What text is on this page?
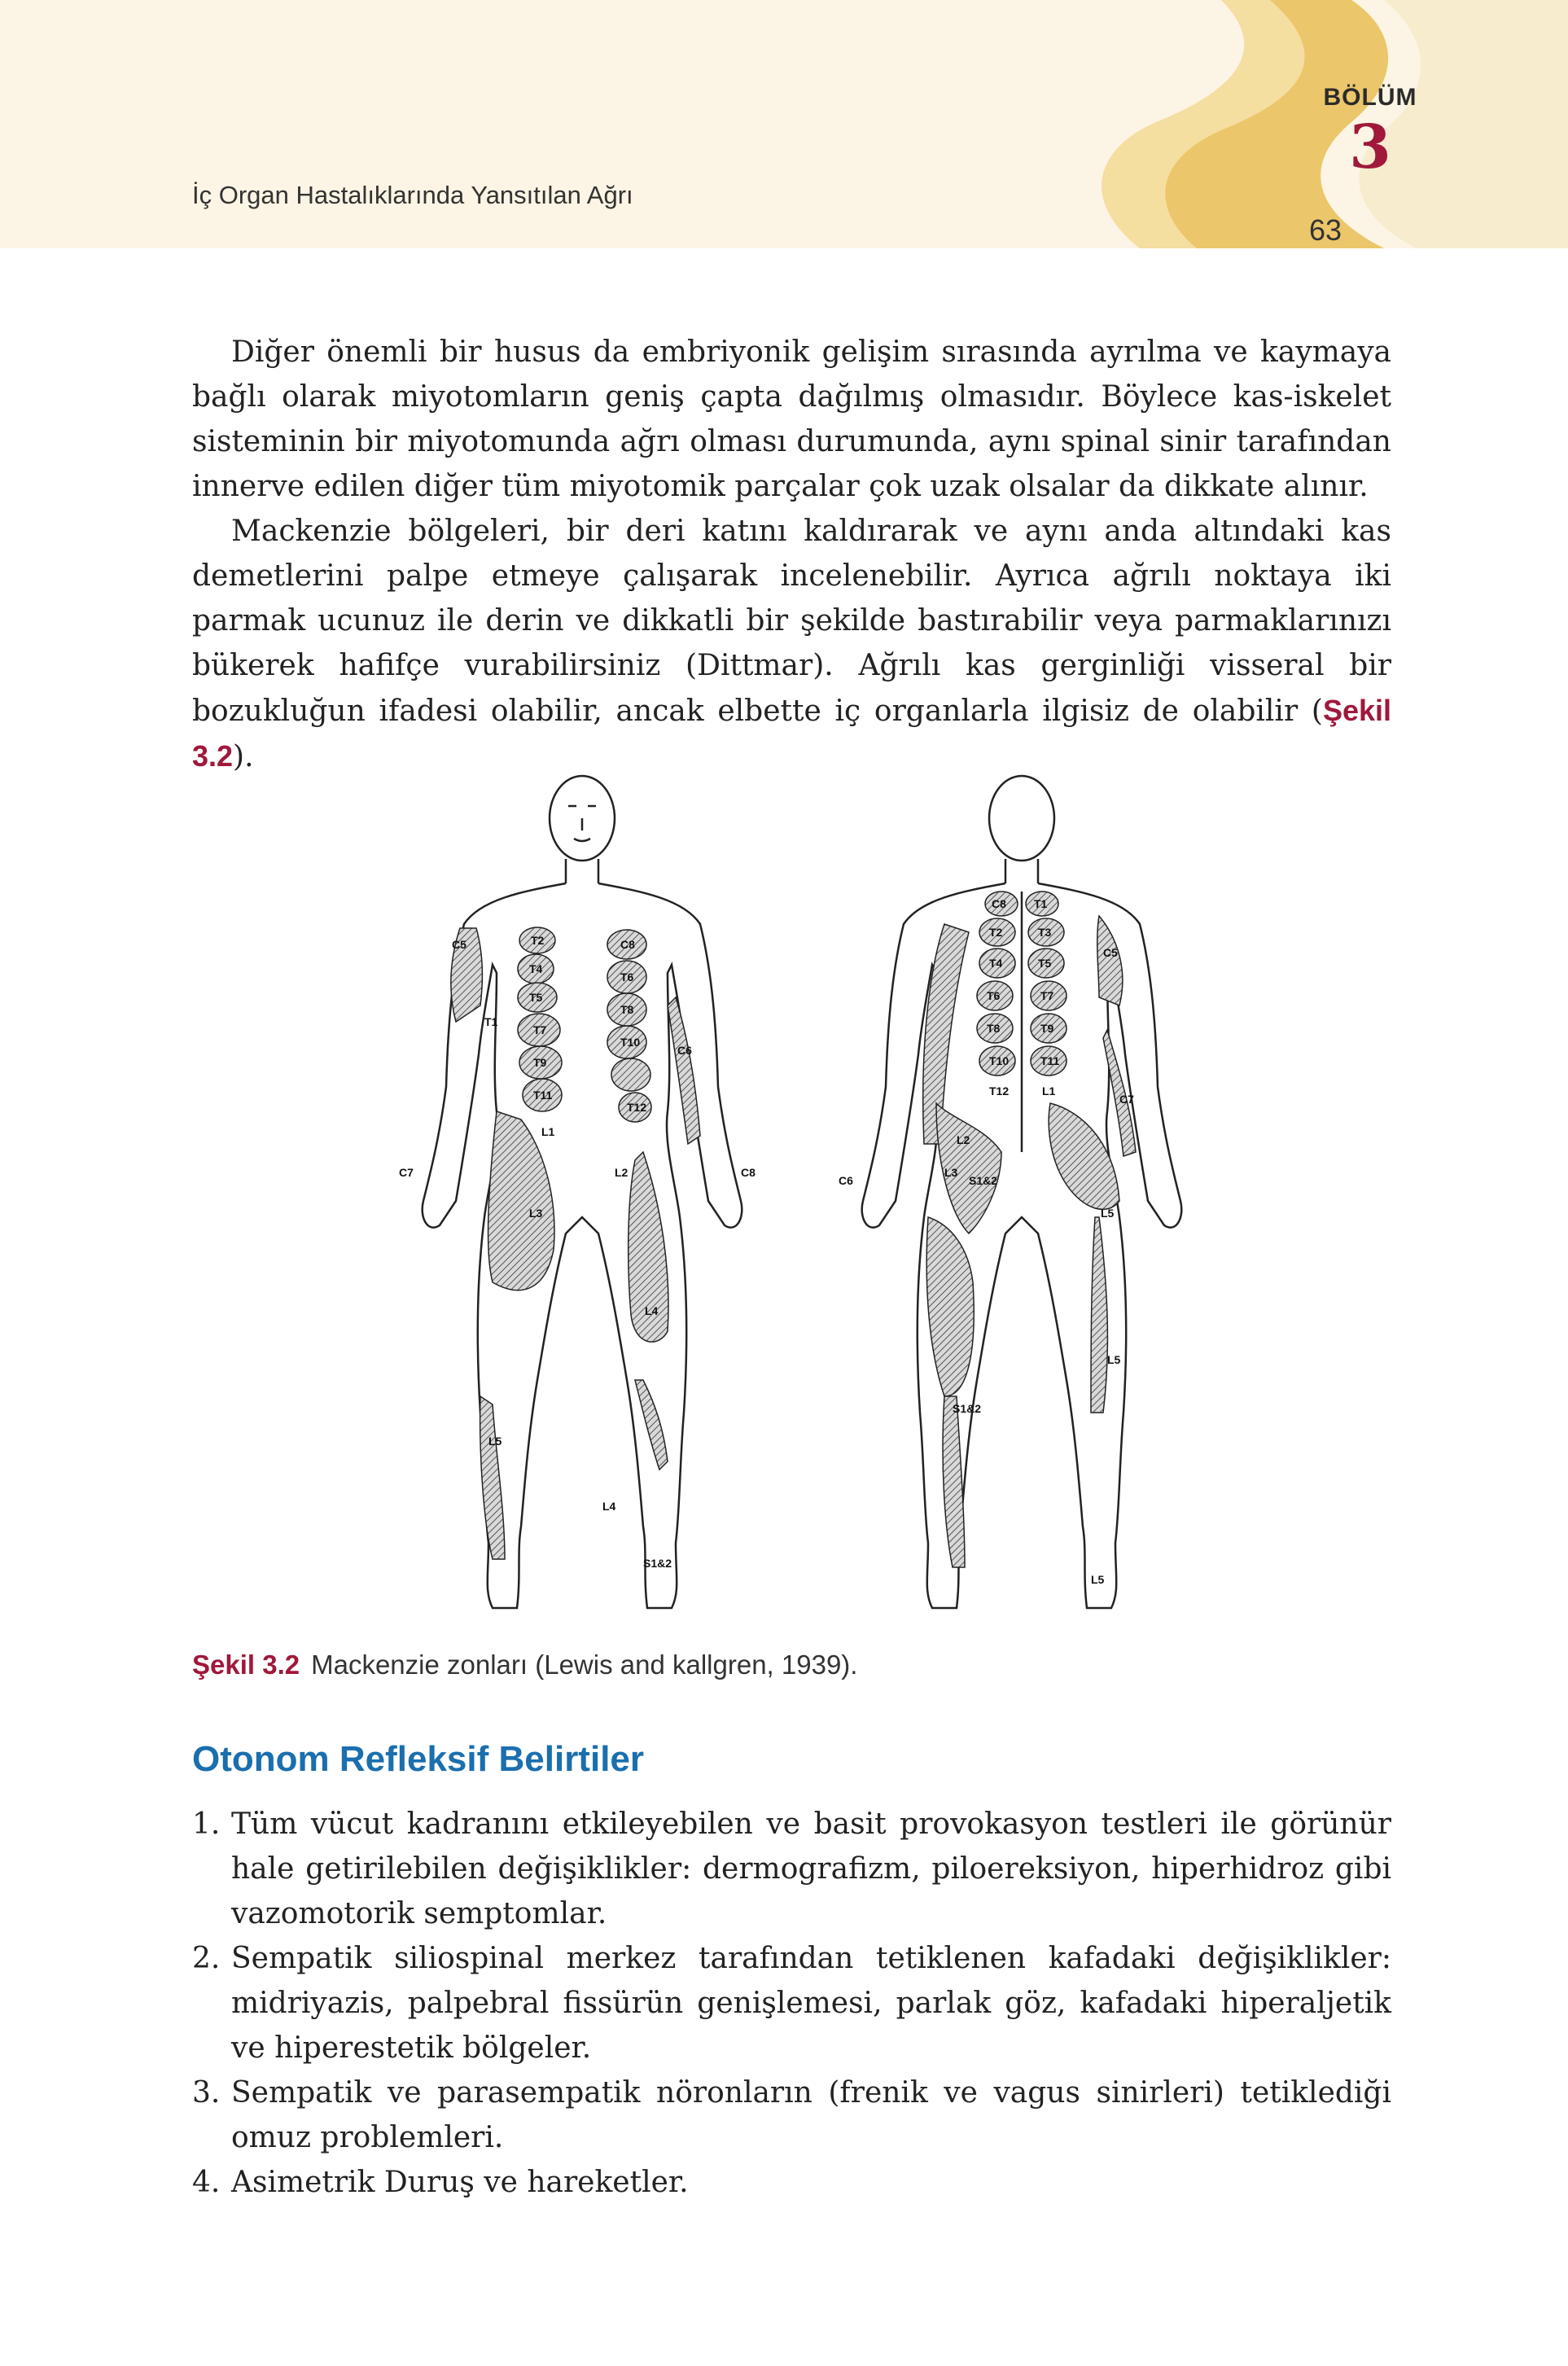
İç Organ Hastalıklarında Yansıtılan Ağrı
BÖLÜM
3
63

Diğer önemli bir husus da embriyonik gelişim sırasında ayrılma ve kaymaya bağlı olarak miyotomların geniş çapta dağılmış olmasıdır. Böylece kas-iskelet sisteminin bir miyotomunda ağrı olması durumunda, aynı spinal sinir tarafından innerve edilen diğer tüm miyotomik parçalar çok uzak olsalar da dikkate alınır.

Mackenzie bölgeleri, bir deri katını kaldırarak ve aynı anda altındaki kas demetlerini palpe etmeye çalışarak incelenebilir. Ayrıca ağrılı noktaya iki parmak ucunuz ile derin ve dikkatli bir şekilde bastırabilir veya parmaklarınızı bükerek hafifçe vurabilirsiniz (Dittmar). Ağrılı kas gerginliği visseral bir bozukluğun ifadesi olabilir, ancak elbette iç organlarla ilgisiz de olabilir (Şekil 3.2).

C5	T2
T4
T5
T1
T7
T9
T11
L1
C8
T6
T8
T10
T12
C6
C7	L2
L3
C8
L4
L5
L4
S1&2
C8 T1
T2	T3
T4	T5
T6	T7
T8	T9
T10	T11
T12	L1
C5
C7
L2
L3
S1&2
C6
L5
L5
S1&2
L5
Şekil 3.2 Mackenzie zonları (Lewis and kallgren, 1939).
Otonom Refleksif Belirtiler
1. Tüm vücut kadranını etkileyebilen ve basit provokasyon testleri ile görünür hale getirilebilen değişiklikler: dermografizm, piloereksiyon, hiperhidroz gibi vazomotorik semptomlar.
2. Sempatik siliospinal merkez tarafından tetiklenen kafadaki değişiklikler: midriyazis, palpebral fissürün genişlemesi, parlak göz, kafadaki hiperaljetik ve hiperestetik bölgeler.
3. Sempatik ve parasempatik nöronların (frenik ve vagus sinirleri) tetiklediği omuz problemleri.
4. Asimetrik Duruş ve hareketler.
